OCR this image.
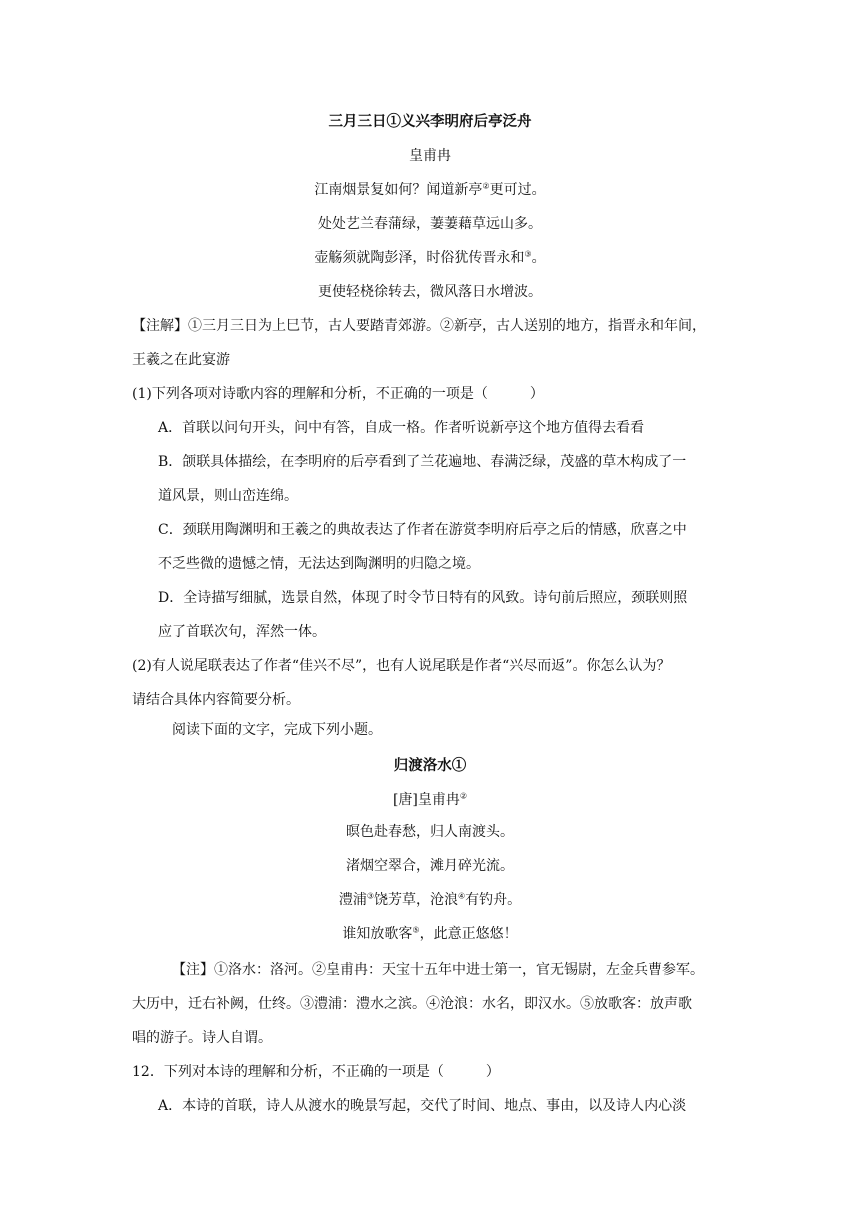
三月三日①义兴李明府后亭泛舟
皇甫冉
江南烟景复如何？闻道新亭②更可过。
处处艺兰春蒲绿，萋萋藉草远山多。
壶觞须就陶彭泽，时俗犹传晋永和③。
更使轻桡徐转去，微风落日水增波。
【注解】①三月三日为上巳节，古人要踏青郊游。②新亭，古人送别的地方，指晋永和年间，
王羲之在此宴游
(1)下列各项对诗歌内容的理解和分析，不正确的一项是（　　　）
A．首联以问句开头，问中有答，自成一格。作者听说新亭这个地方值得去看看
B．颌联具体描绘，在李明府的后亭看到了兰花遍地、春满泛绿，茂盛的草木构成了一
道风景，则山峦连绵。
C．颈联用陶渊明和王羲之的典故表达了作者在游赏李明府后亭之后的情感，欣喜之中
不乏些微的遗憾之情，无法达到陶渊明的归隐之境。
D．全诗描写细腻，选景自然，体现了时令节日特有的风致。诗句前后照应，颈联则照
应了首联次句，浑然一体。
(2)有人说尾联表达了作者“佳兴不尽”，也有人说尾联是作者“兴尽而返”。你怎么认为？
请结合具体内容简要分析。
阅读下面的文字，完成下列小题。
归渡洛水①
[唐]皇甫冉②
暝色赴春愁，归人南渡头。
渚烟空翠合，滩月碎光流。
澧浦③饶芳草，沧浪④有钓舟。
谁知放歌客⑤，此意正悠悠！
【注】①洛水：洛河。②皇甫冉：天宝十五年中进士第一，官无锡尉，左金兵曹参军。
大历中，迁右补阙，仕终。③澧浦：澧水之滨。④沧浪：水名，即汉水。⑤放歌客：放声歌
唱的游子。诗人自谓。
12．下列对本诗的理解和分析，不正确的一项是（　　　）
A．本诗的首联，诗人从渡水的晚景写起，交代了时间、地点、事由，以及诗人内心淡
